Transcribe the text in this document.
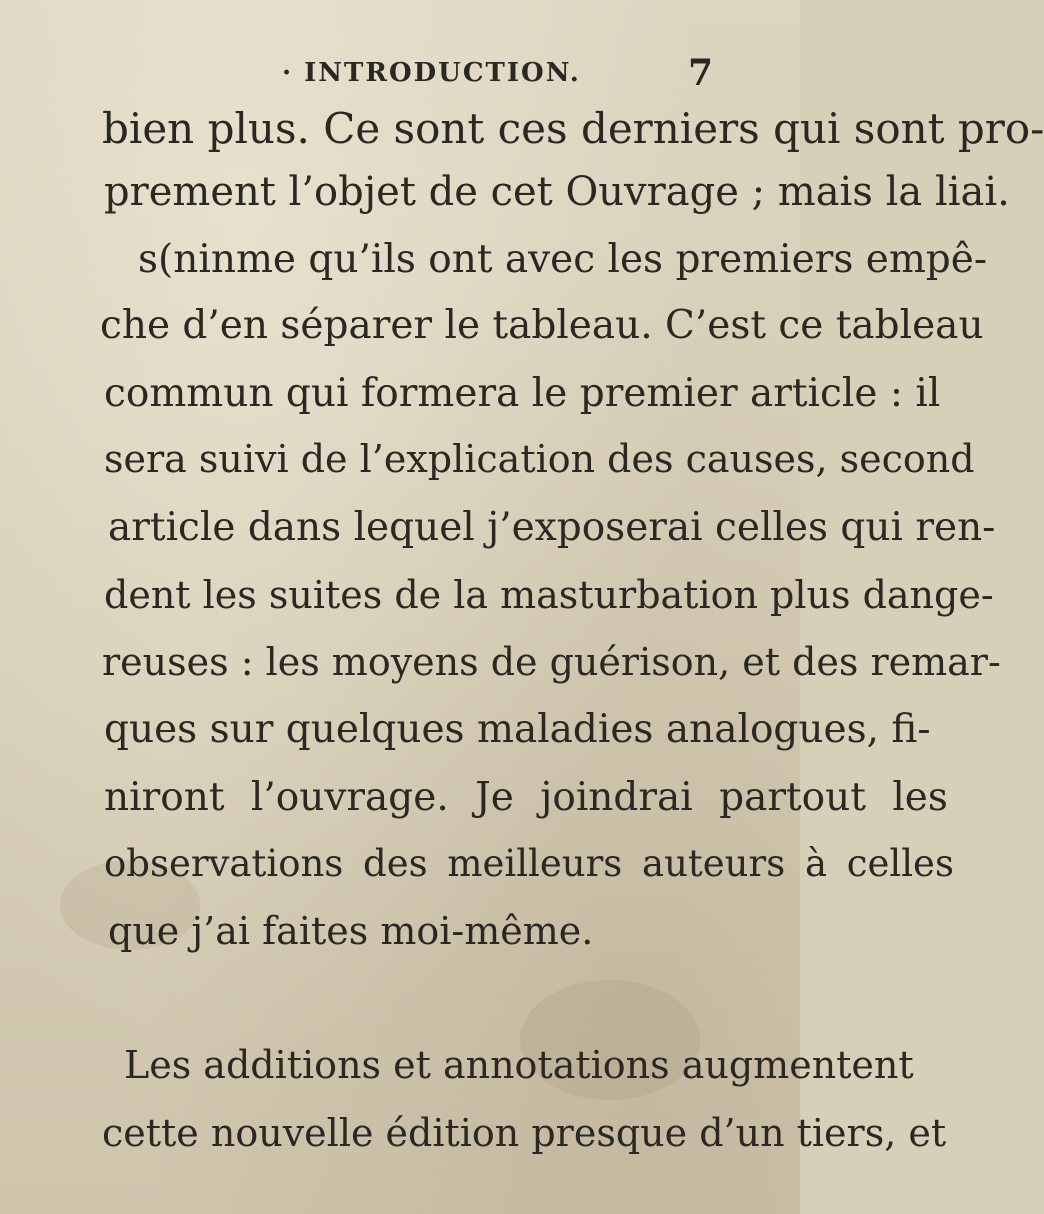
· INTRODUCTION.	7
bien plus. Ce sont ces derniers qui sont pro-
prement l’objet de cet Ouvrage ; mais la liai.
s(ninme qu’ils ont avec les premiers empê-
che d’en séparer le tableau. C’est ce tableau
commun qui formera le premier article : il
sera suivi de l’explication des causes, second
article dans lequel j’exposerai celles qui ren-
dent les suites de la masturbation plus dange-
reuses : les moyens de guérison, et des remar-
ques sur quelques maladies analogues, fi-
niront l’ouvrage. Je joindrai partout les
observations des meilleurs auteurs à celles
que j’ai faites moi-même.
Les additions et annotations augmentent
cette nouvelle édition presque d’un tiers, et
